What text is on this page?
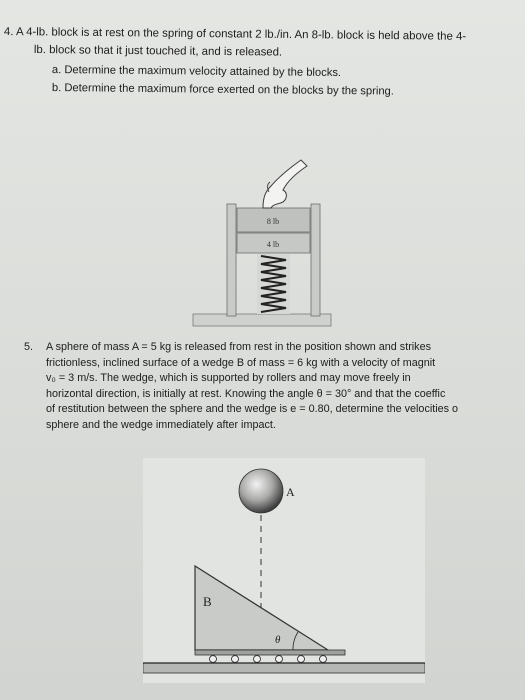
4. A 4-lb. block is at rest on the spring of constant 2 lb./in. An 8-lb. block is held above the 4-
lb. block so that it just touched it, and is released.
a. Determine the maximum velocity attained by the blocks.
b. Determine the maximum force exerted on the blocks by the spring.
8 lb
4 lb
5. A sphere of mass A = 5 kg is released from rest in the position shown and strikes
frictionless, inclined surface of a wedge B of mass = 6 kg with a velocity of magnit
v₀ = 3 m/s. The wedge, which is supported by rollers and may move freely in
horizontal direction, is initially at rest. Knowing the angle θ = 30° and that the coeffic
of restitution between the sphere and the wedge is e = 0.80, determine the velocities o
sphere and the wedge immediately after impact.
A
B
θ
